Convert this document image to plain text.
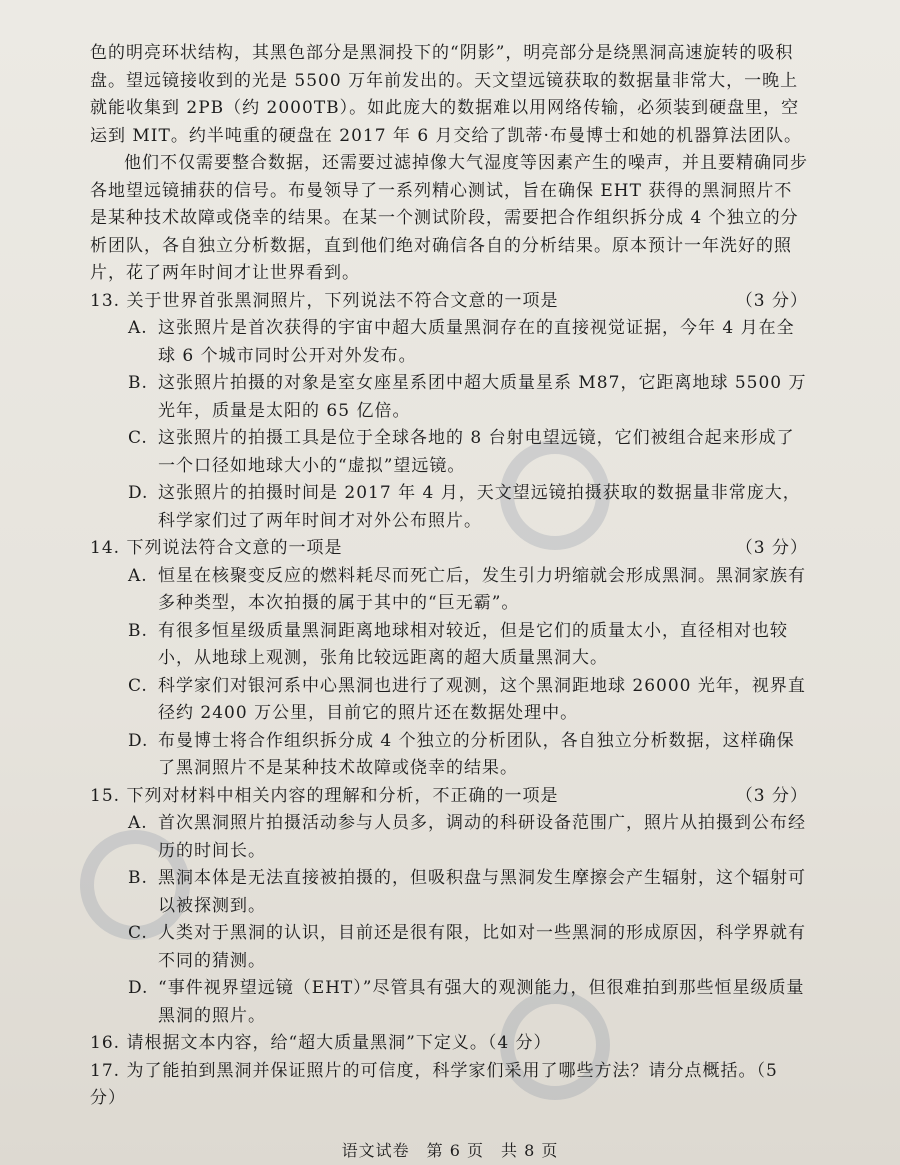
色的明亮环状结构，其黑色部分是黑洞投下的“阴影”，明亮部分是绕黑洞高速旋转的吸积盘。望远镜接收到的光是 5500 万年前发出的。天文望远镜获取的数据量非常大，一晚上就能收集到 2PB（约 2000TB）。如此庞大的数据难以用网络传输，必须装到硬盘里，空运到 MIT。约半吨重的硬盘在 2017 年 6 月交给了凯蒂·布曼博士和她的机器算法团队。

他们不仅需要整合数据，还需要过滤掉像大气湿度等因素产生的噪声，并且要精确同步各地望远镜捕获的信号。布曼领导了一系列精心测试，旨在确保 EHT 获得的黑洞照片不是某种技术故障或侥幸的结果。在某一个测试阶段，需要把合作组织拆分成 4 个独立的分析团队，各自独立分析数据，直到他们绝对确信各自的分析结果。原本预计一年洗好的照片，花了两年时间才让世界看到。

13. 关于世界首张黑洞照片，下列说法不符合文意的一项是	（3 分）
A. 这张照片是首次获得的宇宙中超大质量黑洞存在的直接视觉证据，今年 4 月在全球 6 个城市同时公开对外发布。
B. 这张照片拍摄的对象是室女座星系团中超大质量星系 M87，它距离地球 5500 万光年，质量是太阳的 65 亿倍。
C. 这张照片的拍摄工具是位于全球各地的 8 台射电望远镜，它们被组合起来形成了一个口径如地球大小的“虚拟”望远镜。
D. 这张照片的拍摄时间是 2017 年 4 月，天文望远镜拍摄获取的数据量非常庞大，科学家们过了两年时间才对外公布照片。
14. 下列说法符合文意的一项是	（3 分）
A. 恒星在核聚变反应的燃料耗尽而死亡后，发生引力坍缩就会形成黑洞。黑洞家族有多种类型，本次拍摄的属于其中的“巨无霸”。
B. 有很多恒星级质量黑洞距离地球相对较近，但是它们的质量太小，直径相对也较小，从地球上观测，张角比较远距离的超大质量黑洞大。
C. 科学家们对银河系中心黑洞也进行了观测，这个黑洞距地球 26000 光年，视界直径约 2400 万公里，目前它的照片还在数据处理中。
D. 布曼博士将合作组织拆分成 4 个独立的分析团队，各自独立分析数据，这样确保了黑洞照片不是某种技术故障或侥幸的结果。
15. 下列对材料中相关内容的理解和分析，不正确的一项是	（3 分）
A. 首次黑洞照片拍摄活动参与人员多，调动的科研设备范围广，照片从拍摄到公布经历的时间长。
B. 黑洞本体是无法直接被拍摄的，但吸积盘与黑洞发生摩擦会产生辐射，这个辐射可以被探测到。
C. 人类对于黑洞的认识，目前还是很有限，比如对一些黑洞的形成原因，科学界就有不同的猜测。
D. “事件视界望远镜（EHT）”尽管具有强大的观测能力，但很难拍到那些恒星级质量黑洞的照片。

16. 请根据文本内容，给“超大质量黑洞”下定义。（4 分）

17. 为了能拍到黑洞并保证照片的可信度，科学家们采用了哪些方法？请分点概括。（5 分）

语文试卷　第 6 页　共 8 页
